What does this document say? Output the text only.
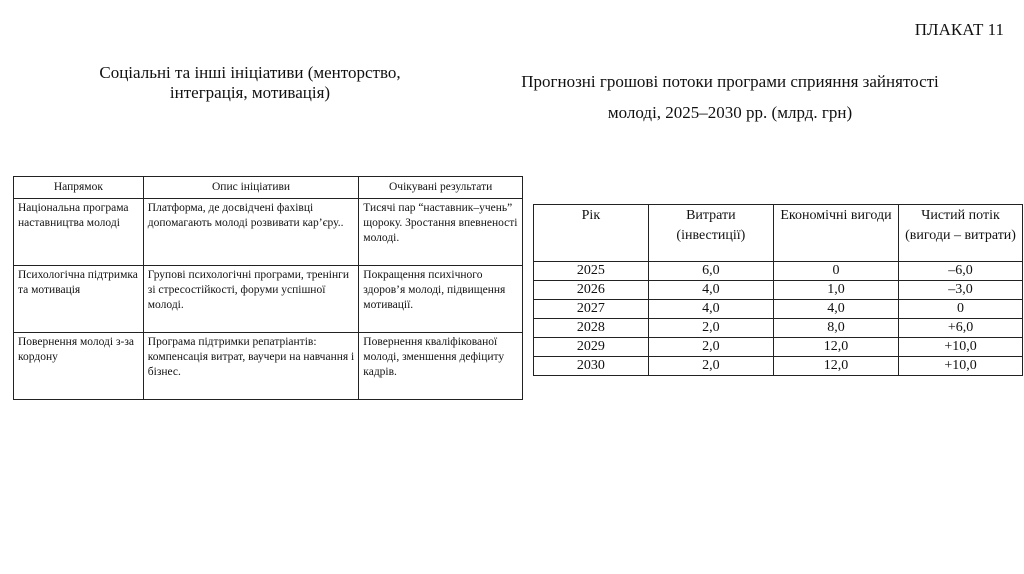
ПЛАКАТ 11
Соціальні та інші ініціативи (менторство, інтеграція, мотивація)
Прогнозні грошові потоки програми сприяння зайнятості молоді, 2025–2030 рр. (млрд. грн)
Напрямок	Опис ініціативи	Очікувані результати
Національна програма наставництва молоді	Платформа, де досвідчені фахівці допомагають молоді розвивати кар’єру..	Тисячі пар “наставник–учень” щороку. Зростання впевненості молоді.
Психологічна підтримка та мотивація	Групові психологічні програми, тренінги зі стресостійкості, форуми успішної молоді.	Покращення психічного здоров’я молоді, підвищення мотивації.
Повернення молоді з-за кордону	Програма підтримки репатріантів: компенсація витрат, ваучери на навчання і бізнес.	Повернення кваліфікованої молоді, зменшення дефіциту кадрів.
Рік	Витрати (інвестиції)	Економічні вигоди	Чистий потік (вигоди – витрати)
2025	6,0	0	–6,0
2026	4,0	1,0	–3,0
2027	4,0	4,0	0
2028	2,0	8,0	+6,0
2029	2,0	12,0	+10,0
2030	2,0	12,0	+10,0
